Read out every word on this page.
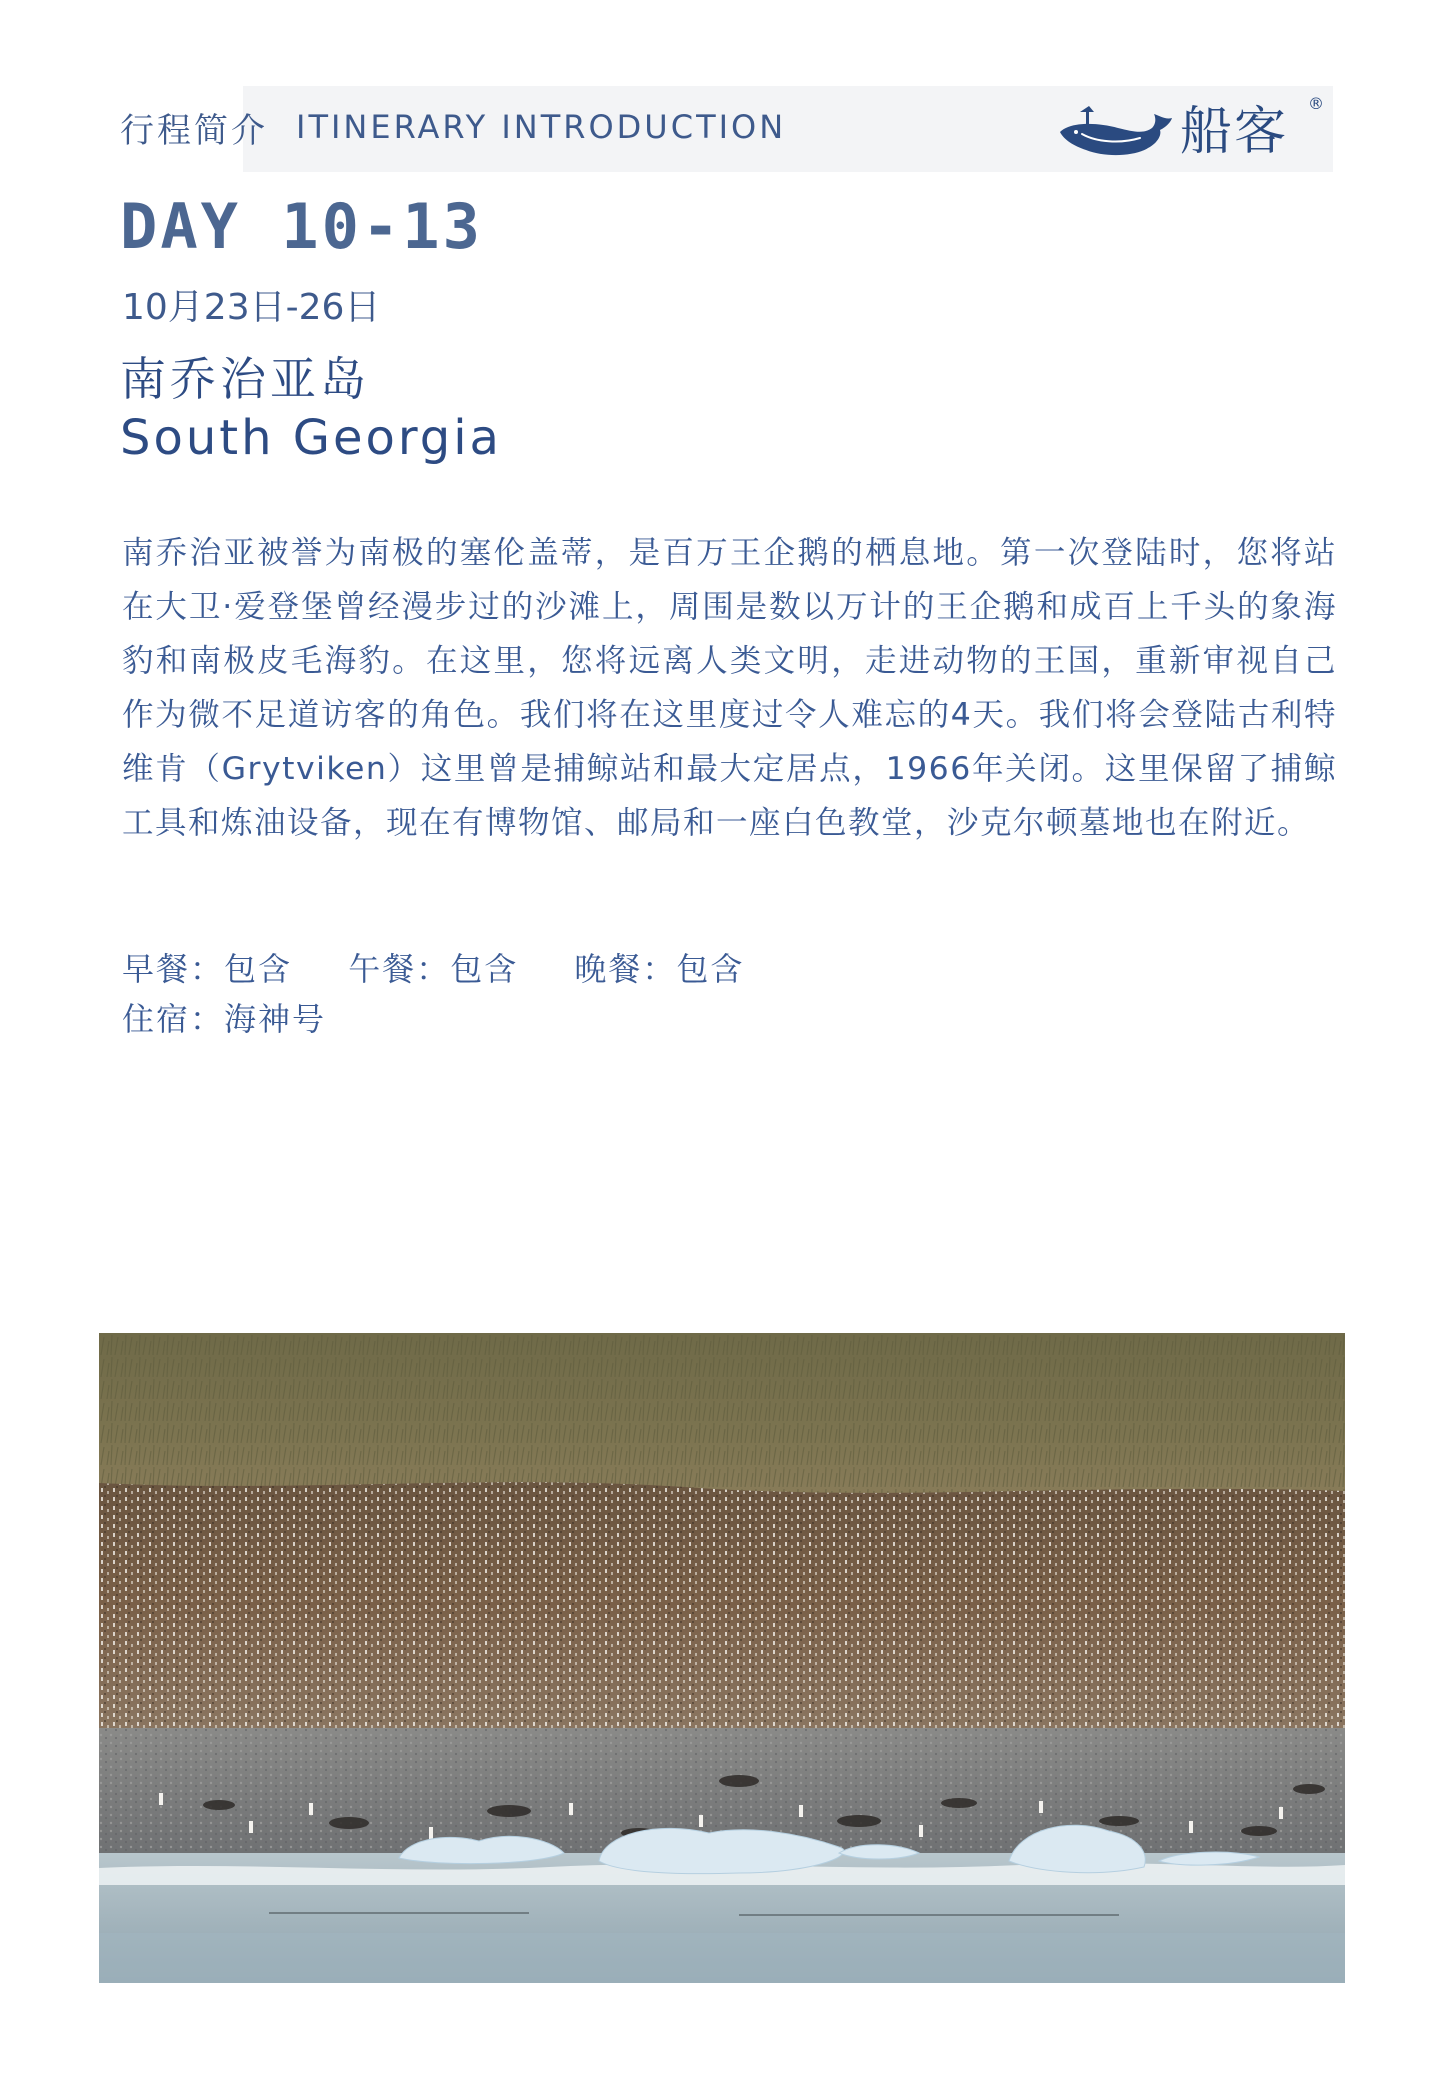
行程简介 ITINERARY INTRODUCTION	船客 ®
DAY 10-13
10月23日-26日
南乔治亚岛
South Georgia

南乔治亚被誉为南极的塞伦盖蒂，是百万王企鹅的栖息地。第一次登陆时，您将站在大卫·爱登堡曾经漫步过的沙滩上，周围是数以万计的王企鹅和成百上千头的象海豹和南极皮毛海豹。在这里，您将远离人类文明，走进动物的王国，重新审视自己作为微不足道访客的角色。我们将在这里度过令人难忘的4天。我们将会登陆古利特维肯（Grytviken）这里曾是捕鲸站和最大定居点，1966年关闭。这里保留了捕鲸工具和炼油设备，现在有博物馆、邮局和一座白色教堂，沙克尔顿墓地也在附近。

早餐：包含 午餐：包含 晚餐：包含
住宿：海神号
